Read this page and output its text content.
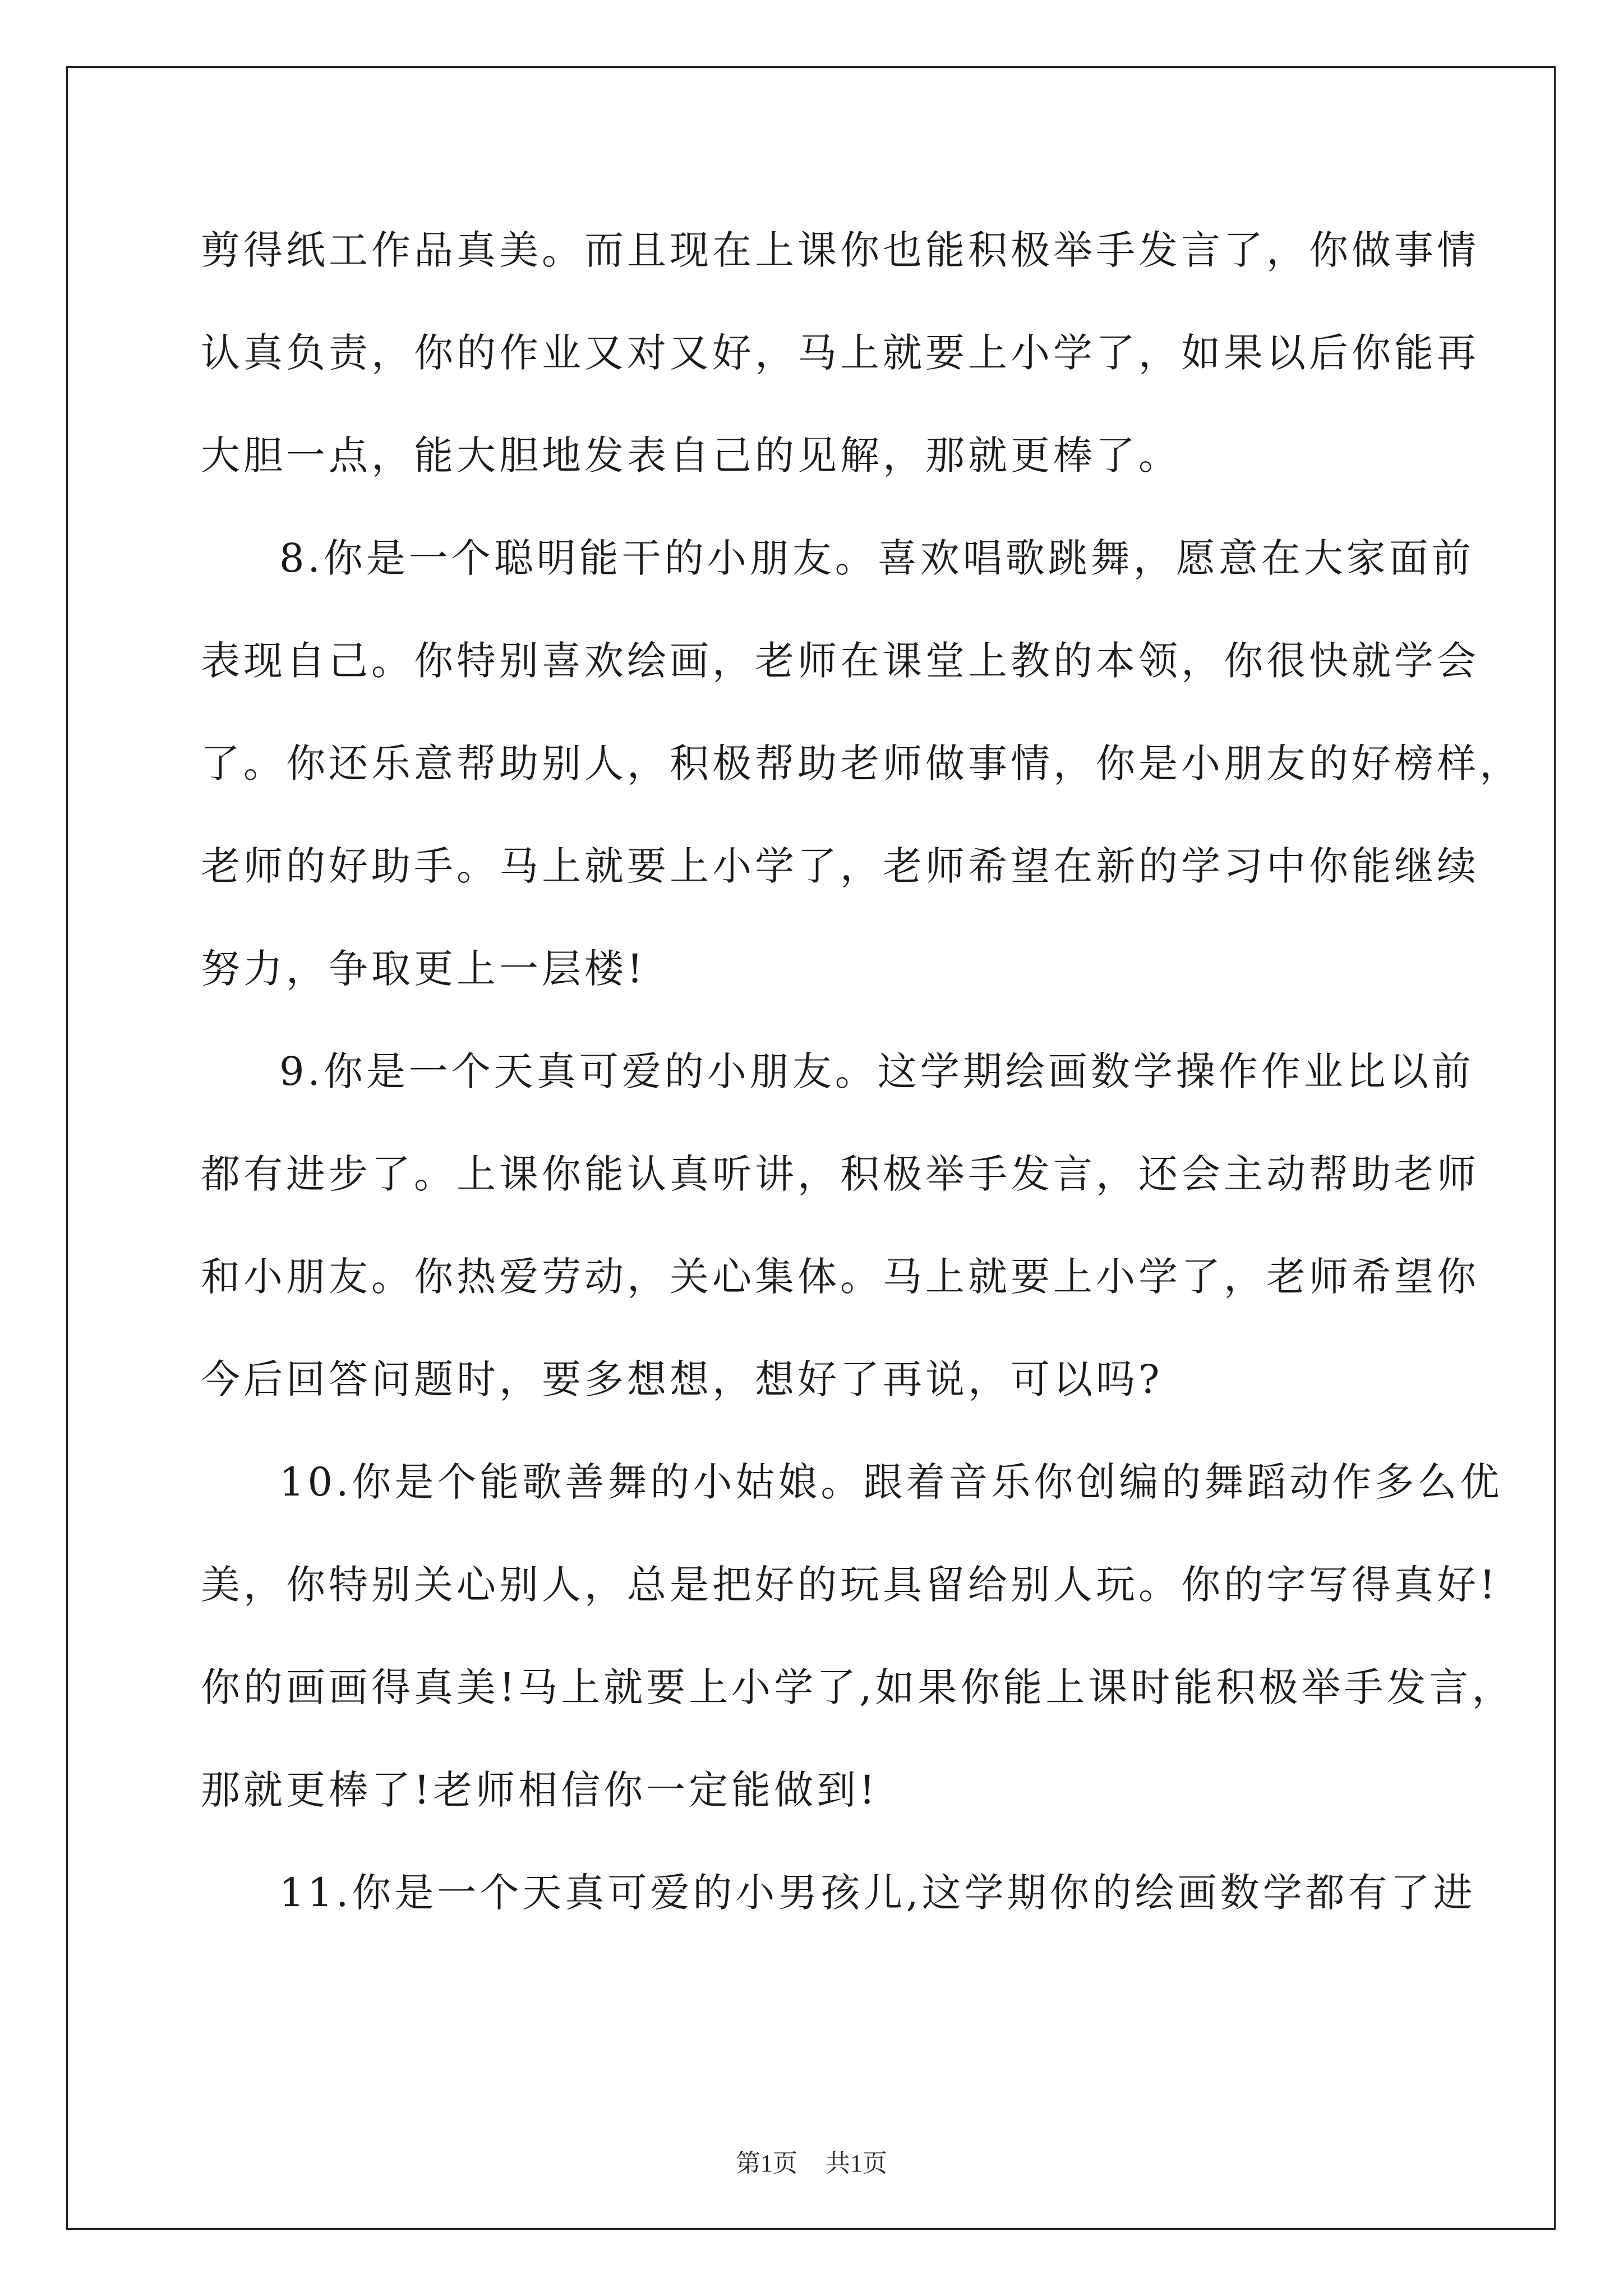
剪得纸工作品真美。而且现在上课你也能积极举手发言了，你做事情
认真负责，你的作业又对又好，马上就要上小学了，如果以后你能再
大胆一点，能大胆地发表自己的见解，那就更棒了。
8.你是一个聪明能干的小朋友。喜欢唱歌跳舞，愿意在大家面前
表现自己。你特别喜欢绘画，老师在课堂上教的本领，你很快就学会
了。你还乐意帮助别人，积极帮助老师做事情，你是小朋友的好榜样，
老师的好助手。马上就要上小学了，老师希望在新的学习中你能继续
努力，争取更上一层楼!
9.你是一个天真可爱的小朋友。这学期绘画数学操作作业比以前
都有进步了。上课你能认真听讲，积极举手发言，还会主动帮助老师
和小朋友。你热爱劳动，关心集体。马上就要上小学了，老师希望你
今后回答问题时，要多想想，想好了再说，可以吗?
10.你是个能歌善舞的小姑娘。跟着音乐你创编的舞蹈动作多么优
美，你特别关心别人，总是把好的玩具留给别人玩。你的字写得真好!
你的画画得真美!马上就要上小学了,如果你能上课时能积极举手发言，
那就更棒了!老师相信你一定能做到!
11.你是一个天真可爱的小男孩儿,这学期你的绘画数学都有了进
第1页 共1页
